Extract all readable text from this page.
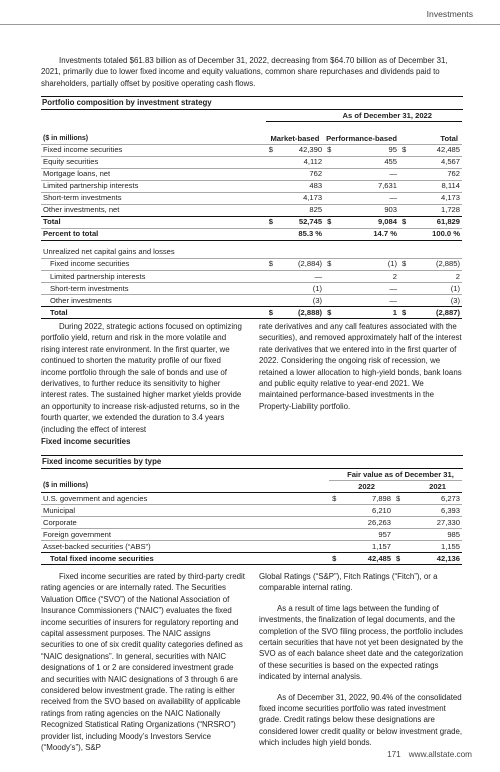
Investments

Investments totaled $61.83 billion as of December 31, 2022, decreasing from $64.70 billion as of December 31, 2021, primarily due to lower fixed income and equity valuations, common share repurchases and dividends paid to shareholders, partially offset by positive operating cash flows.

Portfolio composition by investment strategy
	As of December 31, 2022					
($ in millions)	Market-based		Performance-based		Total	
Fixed income securities	$	42,390	$	95	$	42,485
Equity securities		4,112		455		4,567
Mortgage loans, net		762		—		762
Limited partnership interests		483		7,631		8,114
Short-term investments		4,173		—		4,173
Other investments, net		825		903		1,728
Total	$	52,745	$	9,084	$	61,829
Percent to total		85.3 %		14.7 %		100.0 %

Unrealized net capital gains and losses						
Fixed income securities	$	(2,884)	$	(1)	$	(2,885)
Limited partnership interests		—		2		2
Short-term investments		(1)		—		(1)
Other investments		(3)		—		(3)
Total	$	(2,888)	$	1	$	(2,887)

During 2022, strategic actions focused on optimizing portfolio yield, return and risk in the more volatile and rising interest rate environment. In the first quarter, we continued to shorten the maturity profile of our fixed income portfolio through the sale of bonds and use of derivatives, to further reduce its sensitivity to higher interest rates. The sustained higher market yields provide an opportunity to increase risk-adjusted returns, so in the fourth quarter, we extended the duration to 3.4 years (including the effect of interest

rate derivatives and any call features associated with the securities), and removed approximately half of the interest rate derivatives that we entered into in the first quarter of 2022. Considering the ongoing risk of recession, we retained a lower allocation to high-yield bonds, bank loans and public equity relative to year-end 2021. We maintained performance-based investments in the Property-Liability portfolio.

Fixed income securities
Fixed income securities by type
	Fair value as of December 31,			
($ in millions)	2022		2021	
U.S. government and agencies	$	7,898	$	6,273
Municipal		6,210		6,393
Corporate		26,263		27,330
Foreign government		957		985
Asset-backed securities (“ABS”)		1,157		1,155
Total fixed income securities	$	42,485	$	42,136

Fixed income securities are rated by third-party credit rating agencies or are internally rated. The Securities Valuation Office (“SVO”) of the National Association of Insurance Commissioners (“NAIC”) evaluates the fixed income securities of insurers for regulatory reporting and capital assessment purposes. The NAIC assigns securities to one of six credit quality categories defined as “NAIC designations”. In general, securities with NAIC designations of 1 or 2 are considered investment grade and securities with NAIC designations of 3 through 6 are considered below investment grade. The rating is either received from the SVO based on availability of applicable ratings from rating agencies on the NAIC Nationally Recognized Statistical Rating Organizations (“NRSRO”) provider list, including Moody’s Investors Service (“Moody’s”), S&P

Global Ratings (“S&P”), Fitch Ratings (“Fitch”), or a comparable internal rating.

As a result of time lags between the funding of investments, the finalization of legal documents, and the completion of the SVO filing process, the portfolio includes certain securities that have not yet been designated by the SVO as of each balance sheet date and the categorization of these securities is based on the expected ratings indicated by internal analysis.

As of December 31, 2022, 90.4% of the consolidated fixed income securities portfolio was rated investment grade. Credit ratings below these designations are considered lower credit quality or below investment grade, which includes high yield bonds.

171 www.allstate.com
